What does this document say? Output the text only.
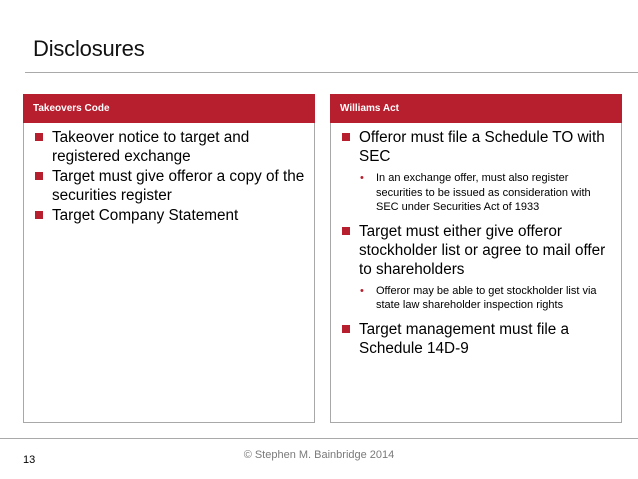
Disclosures
Takeovers Code
Takeover notice to target and registered exchange
Target must give offeror a copy of the securities register
Target Company Statement
Williams Act
Offeror must file a Schedule TO with SEC
• In an exchange offer, must also register securities to be issued as consideration with SEC under Securities Act of 1933
Target must either give offeror stockholder list or agree to mail offer to shareholders
• Offeror may be able to get stockholder list via state law shareholder inspection rights
Target management must file a Schedule 14D-9
© Stephen M. Bainbridge 2014
13
